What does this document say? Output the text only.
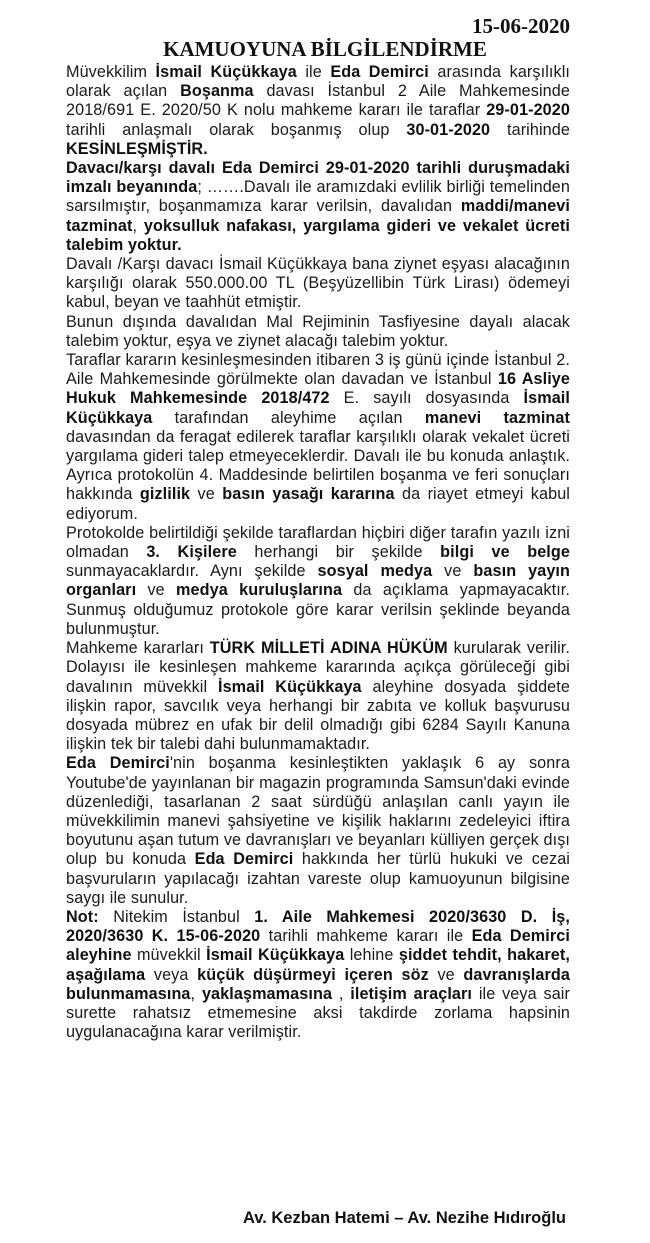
15-06-2020
KAMUOYUNA BİLGİLENDİRME

Müvekkilim İsmail Küçükkaya ile Eda Demirci arasında karşılıklı olarak açılan Boşanma davası İstanbul 2 Aile Mahkemesinde 2018/691 E. 2020/50 K nolu mahkeme kararı ile taraflar 29-01-2020 tarihli anlaşmalı olarak boşanmış olup 30-01-2020 tarihinde KESİNLEŞMİŞTİR.

Davacı/karşı davalı Eda Demirci 29-01-2020 tarihli duruşmadaki imzalı beyanında; …….Davalı ile aramızdaki evlilik birliği temelinden sarsılmıştır, boşanmamıza karar verilsin, davalıdan maddi/manevi tazminat, yoksulluk nafakası, yargılama gideri ve vekalet ücreti talebim yoktur.

Davalı /Karşı davacı İsmail Küçükkaya bana ziynet eşyası alacağının karşılığı olarak 550.000.00 TL (Beşyüzellibin Türk Lirası) ödemeyi kabul, beyan ve taahhüt etmiştir.

Bunun dışında davalıdan Mal Rejiminin Tasfiyesine dayalı alacak talebim yoktur, eşya ve ziynet alacağı talebim yoktur.

Taraflar kararın kesinleşmesinden itibaren 3 iş günü içinde İstanbul 2. Aile Mahkemesinde görülmekte olan davadan ve İstanbul 16 Asliye Hukuk Mahkemesinde 2018/472 E. sayılı dosyasında İsmail Küçükkaya tarafından aleyhime açılan manevi tazminat davasından da feragat edilerek taraflar karşılıklı olarak vekalet ücreti yargılama gideri talep etmeyeceklerdir. Davalı ile bu konuda anlaştık. Ayrıca protokolün 4. Maddesinde belirtilen boşanma ve feri sonuçları hakkında gizlilik ve basın yasağı kararına da riayet etmeyi kabul ediyorum.

Protokolde belirtildiği şekilde taraflardan hiçbiri diğer tarafın yazılı izni olmadan 3. Kişilere herhangi bir şekilde bilgi ve belge sunmayacaklardır. Aynı şekilde sosyal medya ve basın yayın organları ve medya kuruluşlarına da açıklama yapmayacaktır. Sunmuş olduğumuz protokole göre karar verilsin şeklinde beyanda bulunmuştur.

Mahkeme kararları TÜRK MİLLETİ ADINA HÜKÜM kurularak verilir. Dolayısı ile kesinleşen mahkeme kararında açıkça görüleceği gibi davalının müvekkil İsmail Küçükkaya aleyhine dosyada şiddete ilişkin rapor, savcılık veya herhangi bir zabıta ve kolluk başvurusu dosyada mübrez en ufak bir delil olmadığı gibi 6284 Sayılı Kanuna ilişkin tek bir talebi dahi bulunmamaktadır.

Eda Demirci'nin boşanma kesinleştikten yaklaşık 6 ay sonra Youtube'de yayınlanan bir magazin programında Samsun'daki evinde düzenlediği, tasarlanan 2 saat sürdüğü anlaşılan canlı yayın ile müvekkilimin manevi şahsiyetine ve kişilik haklarını zedeleyici iftira boyutunu aşan tutum ve davranışları ve beyanları külliyen gerçek dışı olup bu konuda Eda Demirci hakkında her türlü hukuki ve cezai başvuruların yapılacağı izahtan vareste olup kamuoyunun bilgisine saygı ile sunulur.

Not: Nitekim İstanbul 1. Aile Mahkemesi 2020/3630 D. İş, 2020/3630 K. 15-06-2020 tarihli mahkeme kararı ile Eda Demirci aleyhine müvekkil İsmail Küçükkaya lehine şiddet tehdit, hakaret, aşağılama veya küçük düşürmeyi içeren söz ve davranışlarda bulunmamasına, yaklaşmamasına , iletişim araçları ile veya sair surette rahatsız etmemesine aksi takdirde zorlama hapsinin uygulanacağına karar verilmiştir.

Av. Kezban Hatemi – Av. Nezihe Hıdıroğlu
